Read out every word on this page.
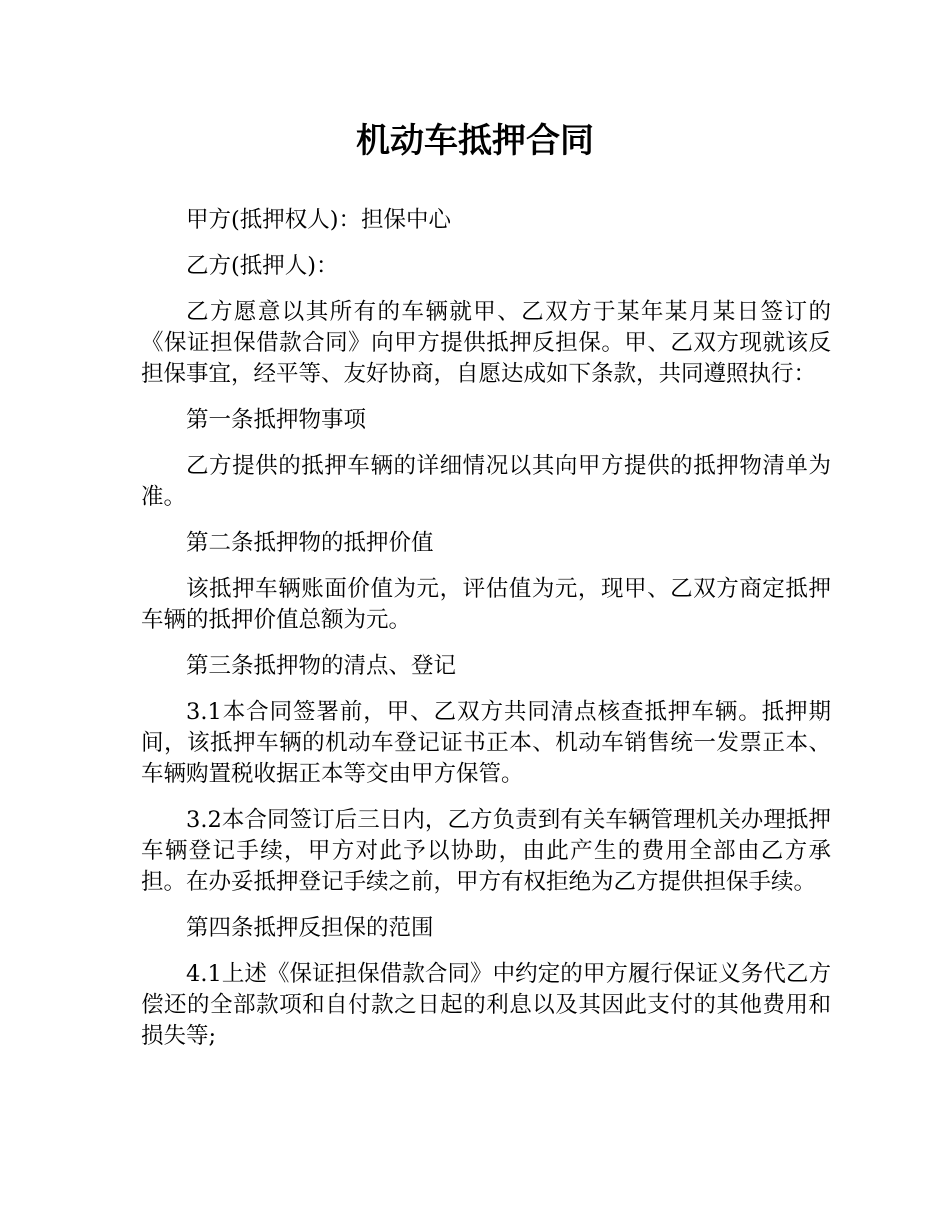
机动车抵押合同

甲方(抵押权人)：担保中心

乙方(抵押人)：

乙方愿意以其所有的车辆就甲、乙双方于某年某月某日签订的《保证担保借款合同》向甲方提供抵押反担保。甲、乙双方现就该反担保事宜，经平等、友好协商，自愿达成如下条款，共同遵照执行：

第一条抵押物事项

乙方提供的抵押车辆的详细情况以其向甲方提供的抵押物清单为准。

第二条抵押物的抵押价值

该抵押车辆账面价值为元，评估值为元，现甲、乙双方商定抵押车辆的抵押价值总额为元。

第三条抵押物的清点、登记

3.1本合同签署前，甲、乙双方共同清点核查抵押车辆。抵押期间，该抵押车辆的机动车登记证书正本、机动车销售统一发票正本、车辆购置税收据正本等交由甲方保管。

3.2本合同签订后三日内，乙方负责到有关车辆管理机关办理抵押车辆登记手续，甲方对此予以协助，由此产生的费用全部由乙方承担。在办妥抵押登记手续之前，甲方有权拒绝为乙方提供担保手续。

第四条抵押反担保的范围

4.1上述《保证担保借款合同》中约定的甲方履行保证义务代乙方偿还的全部款项和自付款之日起的利息以及其因此支付的其他费用和损失等;
